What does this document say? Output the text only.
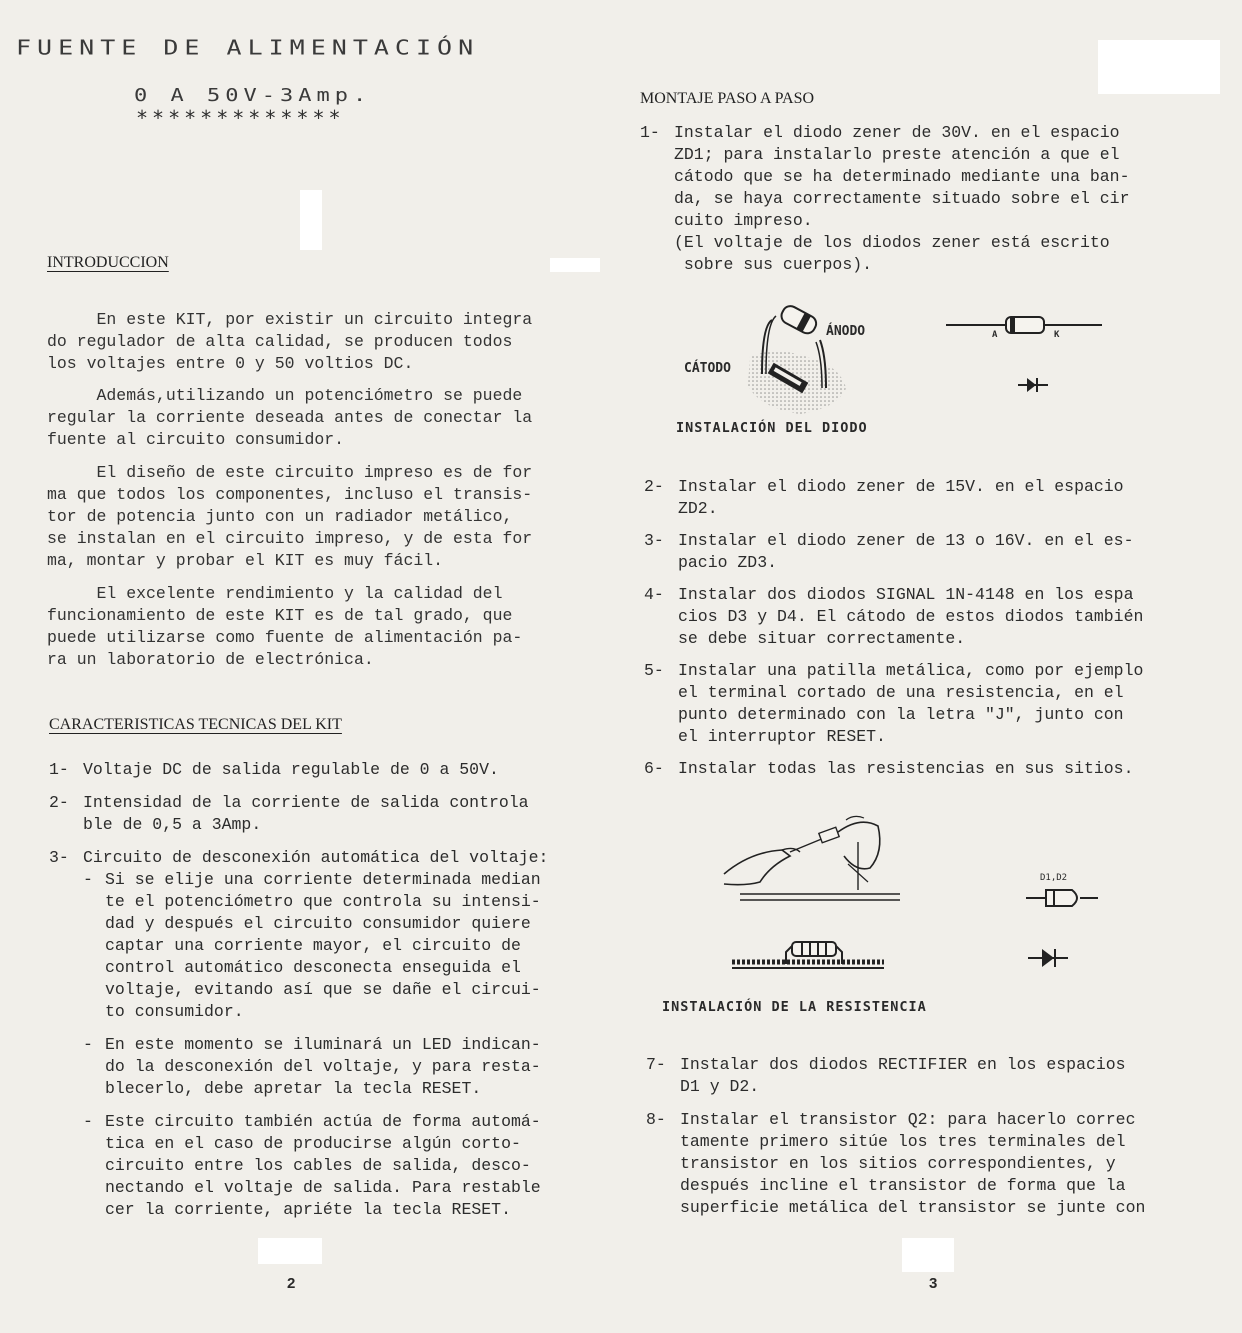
FUENTE DE ALIMENTACIÓN
0 A 50V-3Amp.
*************
INTRODUCCION
En este KIT, por existir un circuito integra
do regulador de alta calidad, se producen todos
los voltajes entre 0 y 50 voltios DC.
Además,utilizando un potenciómetro se puede
regular la corriente deseada antes de conectar la
fuente al circuito consumidor.
El diseño de este circuito impreso es de for
ma que todos los componentes, incluso el transis-
tor de potencia junto con un radiador metálico,
se instalan en el circuito impreso, y de esta for
ma, montar y probar el KIT es muy fácil.
El excelente rendimiento y la calidad del
funcionamiento de este KIT es de tal grado, que
puede utilizarse como fuente de alimentación pa-
ra un laboratorio de electrónica.
CARACTERISTICAS TECNICAS DEL KIT
1- Voltaje DC de salida regulable de 0 a 50V.
2- Intensidad de la corriente de salida controla
ble de 0,5 a 3Amp.
3- Circuito de desconexión automática del voltaje:
- Si se elije una corriente determinada median
te el potenciómetro que controla su intensi-
dad y después el circuito consumidor quiere
captar una corriente mayor, el circuito de
control automático desconecta enseguida el
voltaje, evitando así que se dañe el circui-
to consumidor.
- En este momento se iluminará un LED indican-
do la desconexión del voltaje, y para resta-
blecerlo, debe apretar la tecla RESET.
- Este circuito también actúa de forma automá-
tica en el caso de producirse algún corto-
circuito entre los cables de salida, desco-
nectando el voltaje de salida. Para restable
cer la corriente, apriéte la tecla RESET.
2
MONTAJE PASO A PASO
1- Instalar el diodo zener de 30V. en el espacio
ZD1; para instalarlo preste atención a que el
cátodo que se ha determinado mediante una ban-
da, se haya correctamente situado sobre el cir
cuito impreso.
(El voltaje de los diodos zener está escrito
sobre sus cuerpos).
ÁNODO
CÁTODO
A	K
INSTALACIÓN DEL DIODO
2- Instalar el diodo zener de 15V. en el espacio
ZD2.
3- Instalar el diodo zener de 13 o 16V. en el es-
pacio ZD3.
4- Instalar dos diodos SIGNAL 1N-4148 en los espa
cios D3 y D4. El cátodo de estos diodos también
se debe situar correctamente.
5- Instalar una patilla metálica, como por ejemplo
el terminal cortado de una resistencia, en el
punto determinado con la letra "J", junto con
el interruptor RESET.
6- Instalar todas las resistencias en sus sitios.
D1,D2
INSTALACIÓN DE LA RESISTENCIA
7- Instalar dos diodos RECTIFIER en los espacios
D1 y D2.
8- Instalar el transistor Q2: para hacerlo correc
tamente primero sitúe los tres terminales del
transistor en los sitios correspondientes, y
después incline el transistor de forma que la
superficie metálica del transistor se junte con
3
